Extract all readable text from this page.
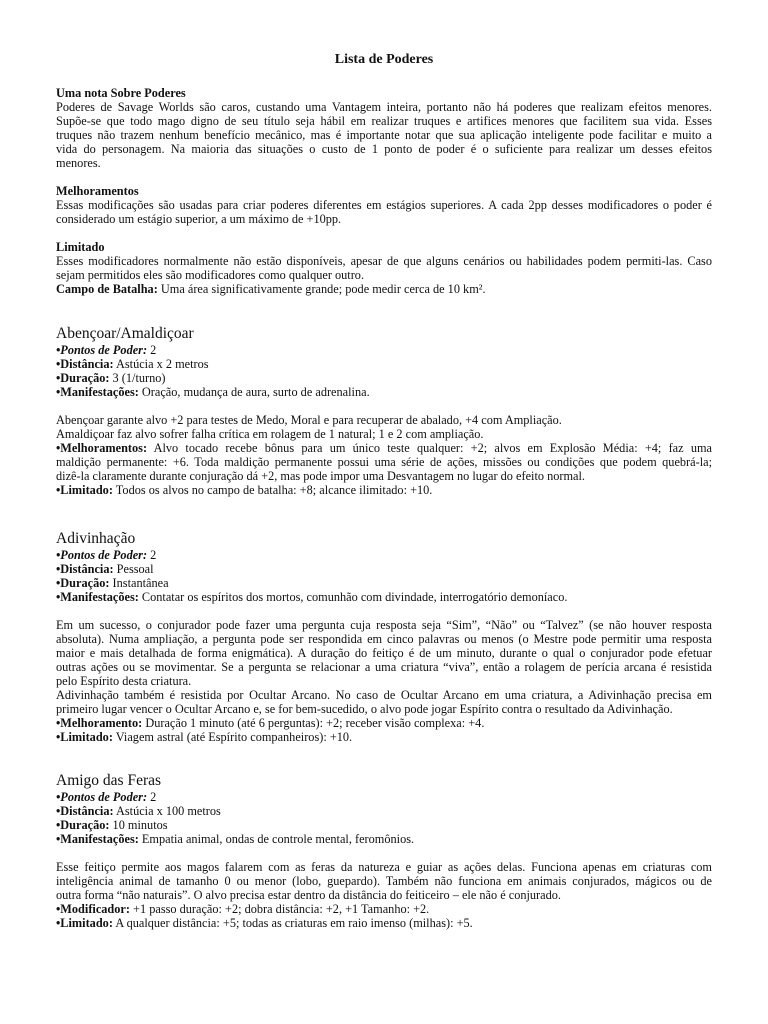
Lista de Poderes

Uma nota Sobre Poderes

Poderes de Savage Worlds são caros, custando uma Vantagem inteira, portanto não há poderes que realizam efeitos menores.

Supõe-se que todo mago digno de seu título seja hábil em realizar truques e artifices menores que facilitem sua vida. Esses

truques não trazem nenhum benefício mecânico, mas é importante notar que sua aplicação inteligente pode facilitar e muito a

vida do personagem. Na maioria das situações o custo de 1 ponto de poder é o suficiente para realizar um desses efeitos

menores.

Melhoramentos

Essas modificações são usadas para criar poderes diferentes em estágios superiores. A cada 2pp desses modificadores o poder é

considerado um estágio superior, a um máximo de +10pp.

Limitado

Esses modificadores normalmente não estão disponíveis, apesar de que alguns cenários ou habilidades podem permiti-las. Caso

sejam permitidos eles são modificadores como qualquer outro.

Campo de Batalha: Uma área significativamente grande; pode medir cerca de 10 km².

Abençoar/Amaldiçoar

•Pontos de Poder: 2

•Distância: Astúcia x 2 metros

•Duração: 3 (1/turno)

•Manifestações: Oração, mudança de aura, surto de adrenalina.

Abençoar garante alvo +2 para testes de Medo, Moral e para recuperar de abalado, +4 com Ampliação.

Amaldiçoar faz alvo sofrer falha crítica em rolagem de 1 natural; 1 e 2 com ampliação.

•Melhoramentos: Alvo tocado recebe bônus para um único teste qualquer: +2; alvos em Explosão Média: +4; faz uma

maldição permanente: +6. Toda maldição permanente possui uma série de ações, missões ou condições que podem quebrá-la;

dizê-la claramente durante conjuração dá +2, mas pode impor uma Desvantagem no lugar do efeito normal.

•Limitado: Todos os alvos no campo de batalha: +8; alcance ilimitado: +10.

Adivinhação

•Pontos de Poder: 2

•Distância: Pessoal

•Duração: Instantânea

•Manifestações: Contatar os espíritos dos mortos, comunhão com divindade, interrogatório demoníaco.

Em um sucesso, o conjurador pode fazer uma pergunta cuja resposta seja “Sim”, “Não” ou “Talvez” (se não houver resposta

absoluta). Numa ampliação, a pergunta pode ser respondida em cinco palavras ou menos (o Mestre pode permitir uma resposta

maior e mais detalhada de forma enigmática). A duração do feitiço é de um minuto, durante o qual o conjurador pode efetuar

outras ações ou se movimentar. Se a pergunta se relacionar a uma criatura “viva”, então a rolagem de perícia arcana é resistida

pelo Espírito desta criatura.

Adivinhação também é resistida por Ocultar Arcano. No caso de Ocultar Arcano em uma criatura, a Adivinhação precisa em

primeiro lugar vencer o Ocultar Arcano e, se for bem-sucedido, o alvo pode jogar Espírito contra o resultado da Adivinhação.

•Melhoramento: Duração 1 minuto (até 6 perguntas): +2; receber visão complexa: +4.

•Limitado: Viagem astral (até Espírito companheiros): +10.

Amigo das Feras

•Pontos de Poder: 2

•Distância: Astúcia x 100 metros

•Duração: 10 minutos

•Manifestações: Empatia animal, ondas de controle mental, feromônios.

Esse feitiço permite aos magos falarem com as feras da natureza e guiar as ações delas. Funciona apenas em criaturas com

inteligência animal de tamanho 0 ou menor (lobo, guepardo). Também não funciona em animais conjurados, mágicos ou de

outra forma “não naturais”. O alvo precisa estar dentro da distância do feiticeiro – ele não é conjurado.

•Modificador: +1 passo duração: +2; dobra distância: +2, +1 Tamanho: +2.

•Limitado: A qualquer distância: +5; todas as criaturas em raio imenso (milhas): +5.
